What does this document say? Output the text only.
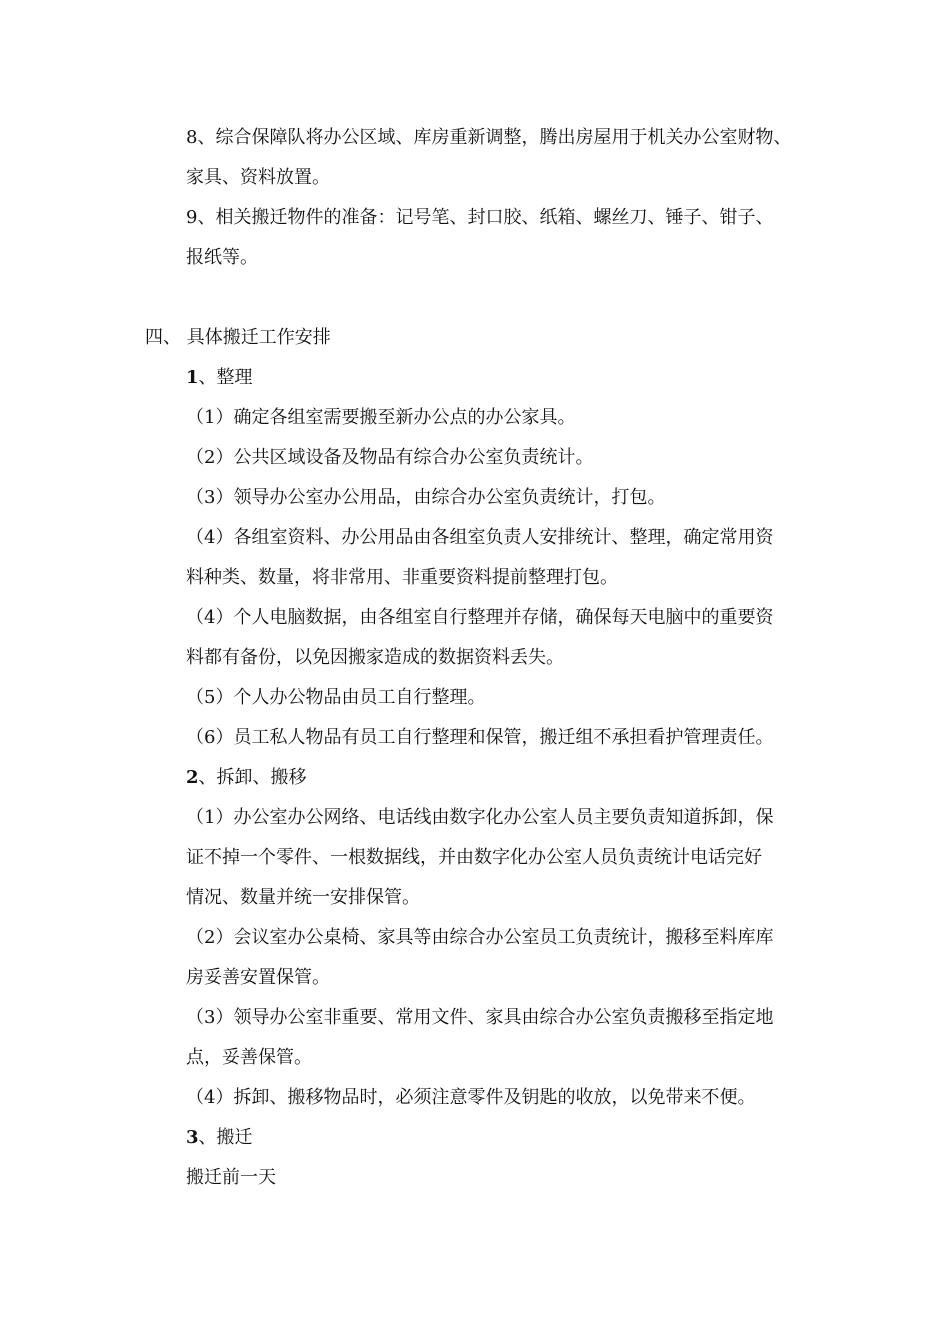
8、综合保障队将办公区域、库房重新调整，腾出房屋用于机关办公室财物、
家具、资料放置。
9、相关搬迁物件的准备：记号笔、封口胶、纸箱、螺丝刀、锤子、钳子、
报纸等。
四、 具体搬迁工作安排
1、整理
（1）确定各组室需要搬至新办公点的办公家具。
（2）公共区域设备及物品有综合办公室负责统计。
（3）领导办公室办公用品，由综合办公室负责统计，打包。
（4）各组室资料、办公用品由各组室负责人安排统计、整理，确定常用资
料种类、数量，将非常用、非重要资料提前整理打包。
（4）个人电脑数据，由各组室自行整理并存储，确保每天电脑中的重要资
料都有备份，以免因搬家造成的数据资料丢失。
（5）个人办公物品由员工自行整理。
（6）员工私人物品有员工自行整理和保管，搬迁组不承担看护管理责任。
2、拆卸、搬移
（1）办公室办公网络、电话线由数字化办公室人员主要负责知道拆卸，保
证不掉一个零件、一根数据线，并由数字化办公室人员负责统计电话完好
情况、数量并统一安排保管。
（2）会议室办公桌椅、家具等由综合办公室员工负责统计，搬移至料库库
房妥善安置保管。
（3）领导办公室非重要、常用文件、家具由综合办公室负责搬移至指定地
点，妥善保管。
（4）拆卸、搬移物品时，必须注意零件及钥匙的收放，以免带来不便。
3、搬迁
搬迁前一天
